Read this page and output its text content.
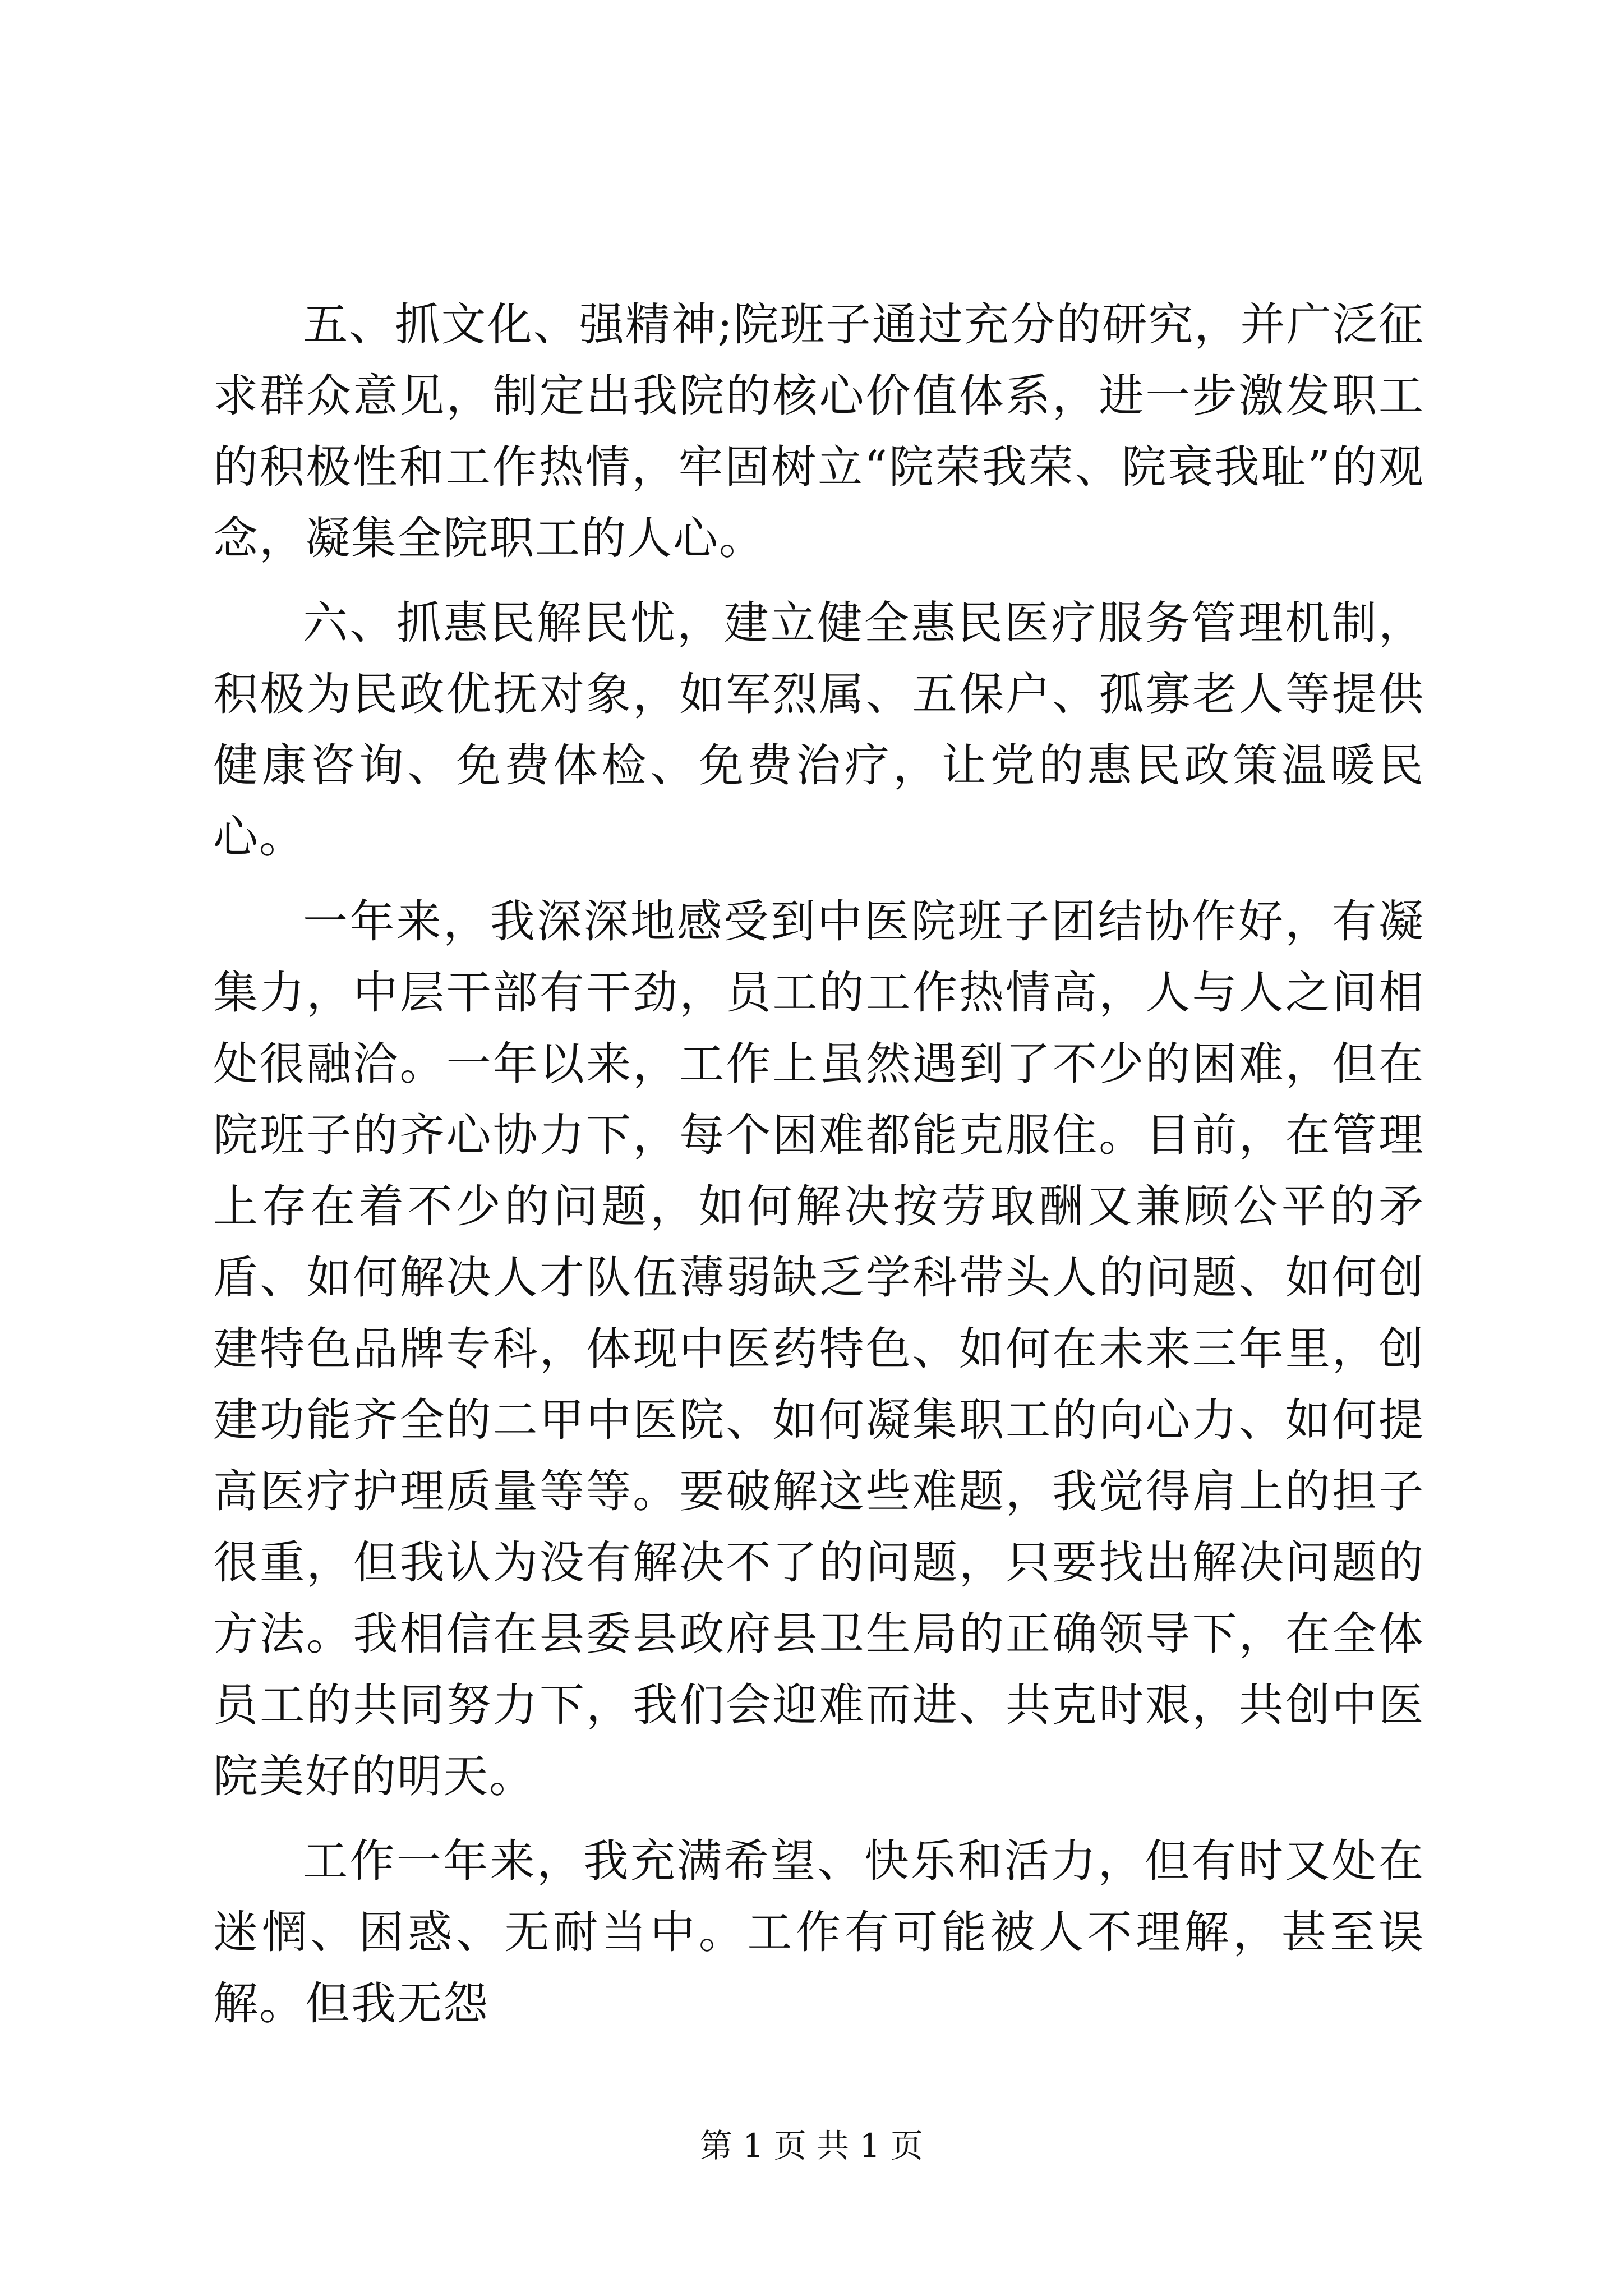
五、抓文化、强精神;院班子通过充分的研究，并广泛征求群众意见，制定出我院的核心价值体系，进一步激发职工的积极性和工作热情，牢固树立“院荣我荣、院衰我耻”的观念，凝集全院职工的人心。

六、抓惠民解民忧，建立健全惠民医疗服务管理机制，积极为民政优抚对象，如军烈属、五保户、孤寡老人等提供健康咨询、免费体检、免费治疗，让党的惠民政策温暖民心。

一年来，我深深地感受到中医院班子团结协作好，有凝集力，中层干部有干劲，员工的工作热情高，人与人之间相处很融洽。一年以来，工作上虽然遇到了不少的困难，但在院班子的齐心协力下，每个困难都能克服住。目前，在管理上存在着不少的问题，如何解决按劳取酬又兼顾公平的矛盾、如何解决人才队伍薄弱缺乏学科带头人的问题、如何创建特色品牌专科，体现中医药特色、如何在未来三年里，创建功能齐全的二甲中医院、如何凝集职工的向心力、如何提高医疗护理质量等等。要破解这些难题，我觉得肩上的担子很重，但我认为没有解决不了的问题，只要找出解决问题的方法。我相信在县委县政府县卫生局的正确领导下，在全体员工的共同努力下，我们会迎难而进、共克时艰，共创中医院美好的明天。

工作一年来，我充满希望、快乐和活力，但有时又处在迷惘、困惑、无耐当中。工作有可能被人不理解，甚至误解。但我无怨

第 1 页 共 1 页
